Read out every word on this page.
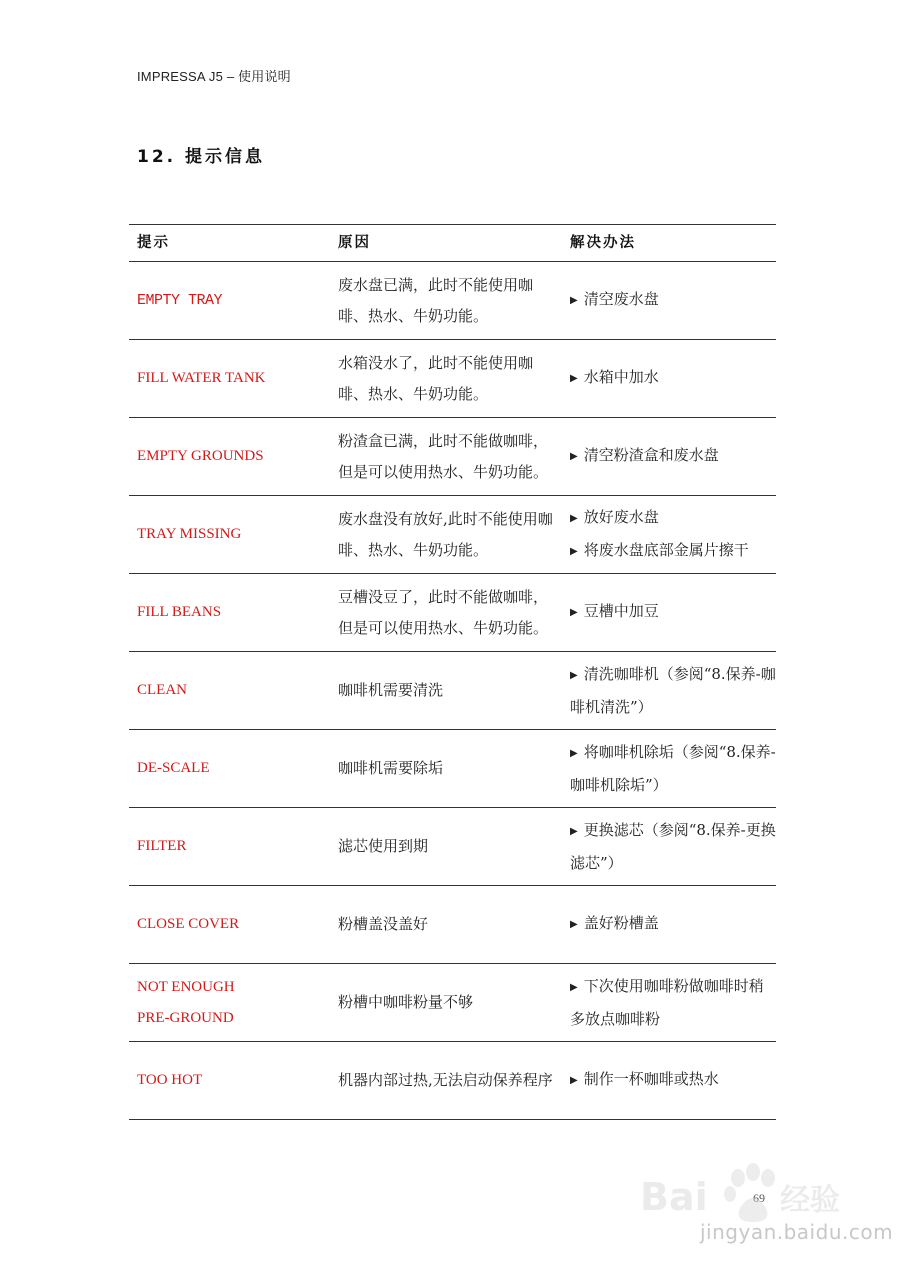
IMPRESSA J5 – 使用说明
12. 提示信息
提示	原因	解决办法
EMPTY TRAY	废水盘已满，此时不能使用咖啡、热水、牛奶功能。	▶ 清空废水盘

FILL WATER TANK	水箱没水了，此时不能使用咖啡、热水、牛奶功能。	▶ 水箱中加水

EMPTY GROUNDS	粉渣盒已满，此时不能做咖啡，但是可以使用热水、牛奶功能。	▶ 清空粉渣盒和废水盘

TRAY MISSING	废水盘没有放好,此时不能使用咖啡、热水、牛奶功能。	▶ 放好废水盘
▶ 将废水盘底部金属片擦干

FILL BEANS	豆槽没豆了，此时不能做咖啡，但是可以使用热水、牛奶功能。	▶ 豆槽中加豆

CLEAN	咖啡机需要清洗	▶ 清洗咖啡机（参阅“8.保养-咖啡机清洗”）

DE-SCALE	咖啡机需要除垢	▶ 将咖啡机除垢（参阅“8.保养-咖啡机除垢”）

FILTER	滤芯使用到期	▶ 更换滤芯（参阅“8.保养-更换滤芯”）

CLOSE COVER	粉槽盖没盖好	▶ 盖好粉槽盖

NOT ENOUGH
PRE-GROUND	粉槽中咖啡粉量不够	▶ 下次使用咖啡粉做咖啡时稍多放点咖啡粉

TOO HOT	机器内部过热,无法启动保养程序	▶ 制作一杯咖啡或热水
69
Bai 经验
jingyan.baidu.com
